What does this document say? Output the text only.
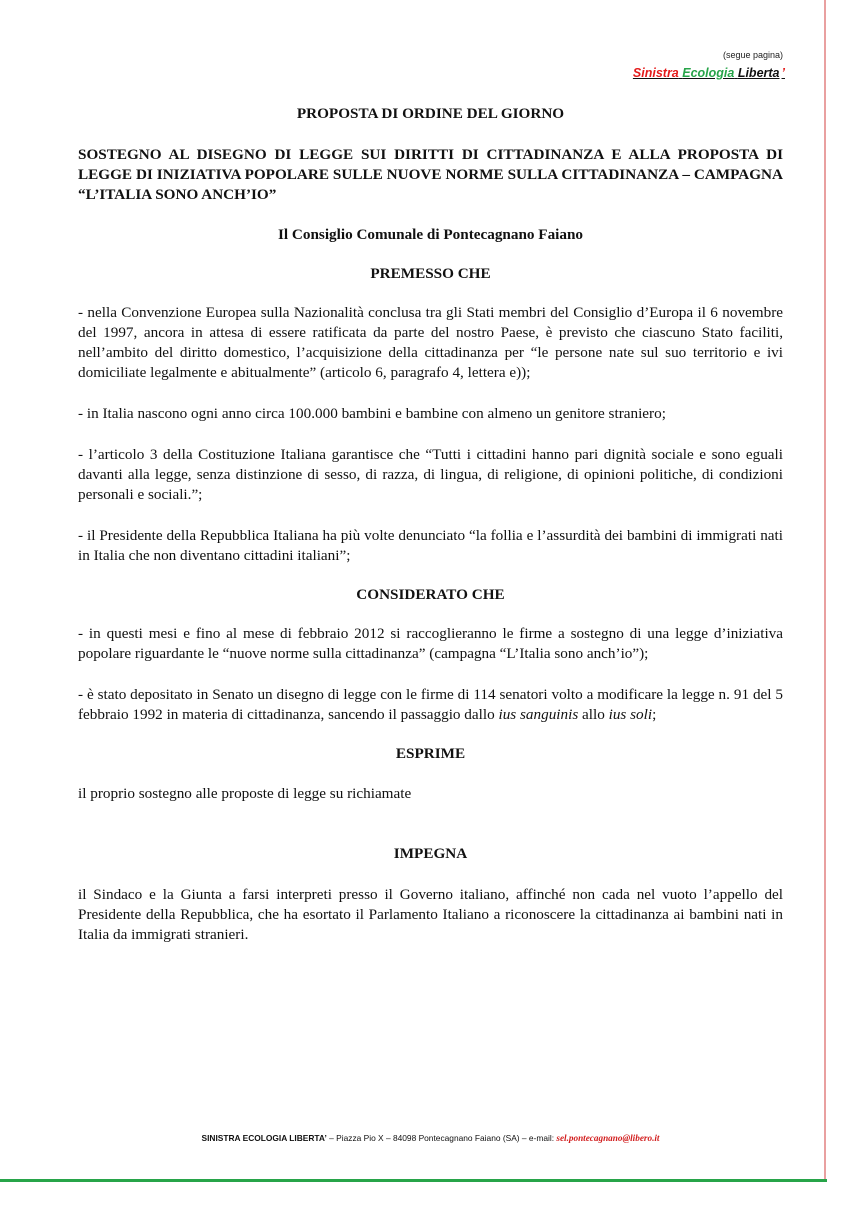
(segue pagina)
Sinistra Ecologia Liberta ’

PROPOSTA DI ORDINE DEL GIORNO

SOSTEGNO AL DISEGNO DI LEGGE SUI DIRITTI DI CITTADINANZA E ALLA PROPOSTA DI LEGGE DI INIZIATIVA POPOLARE SULLE NUOVE NORME SULLA CITTADINANZA – CAMPAGNA “L’ITALIA SONO ANCH’IO”

Il Consiglio Comunale di Pontecagnano Faiano

PREMESSO CHE

- nella Convenzione Europea sulla Nazionalità conclusa tra gli Stati membri del Consiglio d’Europa il 6 novembre del 1997, ancora in attesa di essere ratificata da parte del nostro Paese, è previsto che ciascuno Stato faciliti, nell’ambito del diritto domestico, l’acquisizione della cittadinanza per “le persone nate sul suo territorio e ivi domiciliate legalmente e abitualmente” (articolo 6, paragrafo 4, lettera e));

- in Italia nascono ogni anno circa 100.000 bambini e bambine con almeno un genitore straniero;

- l’articolo 3 della Costituzione Italiana garantisce che “Tutti i cittadini hanno pari dignità sociale e sono eguali davanti alla legge, senza distinzione di sesso, di razza, di lingua, di religione, di opinioni politiche, di condizioni personali e sociali.”;

- il Presidente della Repubblica Italiana ha più volte denunciato “la follia e l’assurdità dei bambini di immigrati nati in Italia che non diventano cittadini italiani”;

CONSIDERATO CHE

- in questi mesi e fino al mese di febbraio 2012 si raccoglieranno le firme a sostegno di una legge d’iniziativa popolare riguardante le “nuove norme sulla cittadinanza” (campagna “L’Italia sono anch’io”);

- è stato depositato in Senato un disegno di legge con le firme di 114 senatori volto a modificare la legge n. 91 del 5 febbraio 1992 in materia di cittadinanza, sancendo il passaggio dallo ius sanguinis allo ius soli;

ESPRIME

il proprio sostegno alle proposte di legge su richiamate

IMPEGNA

il Sindaco e la Giunta a farsi interpreti presso il Governo italiano, affinché non cada nel vuoto l’appello del Presidente della Repubblica, che ha esortato il Parlamento Italiano a riconoscere la cittadinanza ai bambini nati in Italia da immigrati stranieri.

SINISTRA ECOLOGIA LIBERTA’ – Piazza Pio X – 84098 Pontecagnano Faiano (SA) – e-mail: sel.pontecagnano@libero.it
